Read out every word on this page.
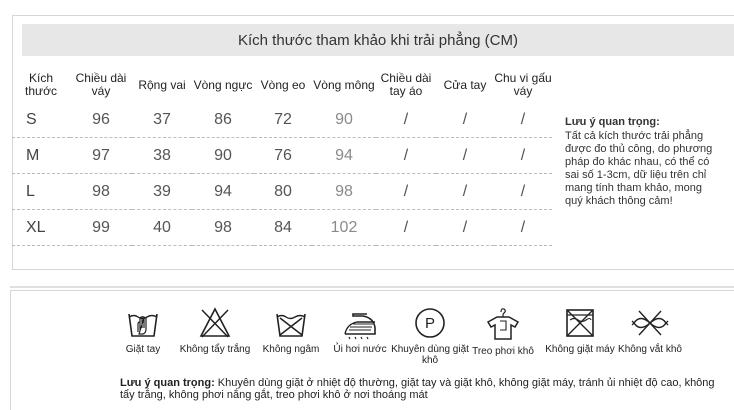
Kích thước tham khảo khi trải phẳng (CM)
Kích thước	Chiều dài váy	Rộng vai	Vòng ngực	Vòng eo	Vòng mông	Chiều dài tay áo	Cửa tay	Chu vi gấu váy
S	96	37	86	72	90	/	/	/
M	97	38	90	76	94	/	/	/
L	98	39	94	80	98	/	/	/
XL	99	40	98	84	102	/	/	/
Lưu ý quan trọng:
Tất cả kích thước trải phẳng được đo thủ công, do phương pháp đo khác nhau, có thể có sai số 1-3cm, dữ liệu trên chỉ mang tính tham khảo, mong quý khách thông cảm!
Giặt tay	Không tẩy trắng	Không ngâm	Ủi hơi nước
P
Khuyên dùng giặt khô
Treo phơi khô	Không giặt máy Không vắt khô
Lưu ý quan trọng: Khuyên dùng giặt ở nhiệt độ thường, giặt tay và giặt khô, không giặt máy, tránh ủi nhiệt độ cao, không tẩy trắng, không phơi nắng gắt, treo phơi khô ở nơi thoáng mát
